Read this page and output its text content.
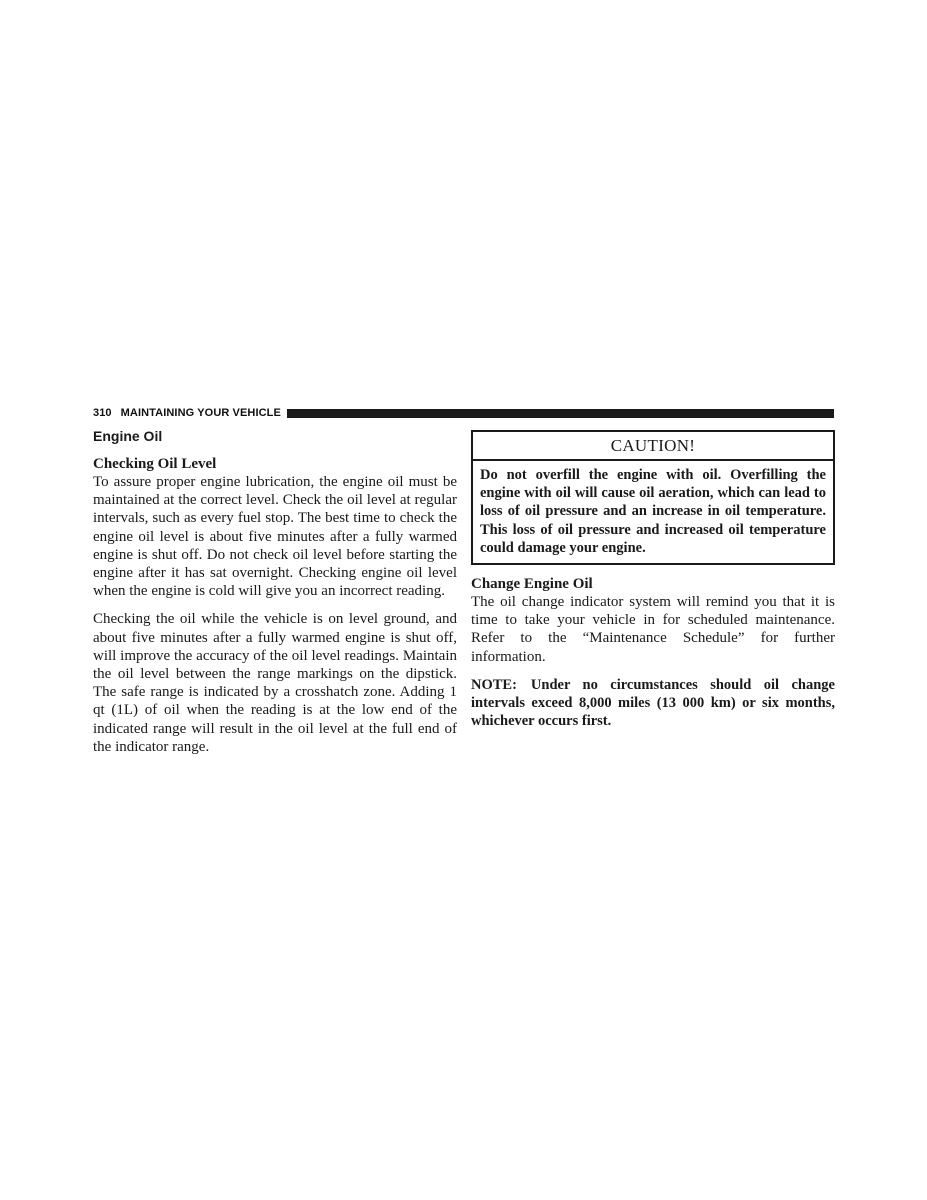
310 MAINTAINING YOUR VEHICLE
Engine Oil
Checking Oil Level

To assure proper engine lubrication, the engine oil must be maintained at the correct level. Check the oil level at regular intervals, such as every fuel stop. The best time to check the engine oil level is about five minutes after a fully warmed engine is shut off. Do not check oil level before starting the engine after it has sat overnight. Checking engine oil level when the engine is cold will give you an incorrect reading.

Checking the oil while the vehicle is on level ground, and about five minutes after a fully warmed engine is shut off, will improve the accuracy of the oil level readings. Maintain the oil level between the range markings on the dipstick. The safe range is indicated by a crosshatch zone. Adding 1 qt (1L) of oil when the reading is at the low end of the indicated range will result in the oil level at the full end of the indicator range.

CAUTION!
Do not overfill the engine with oil. Overfilling the engine with oil will cause oil aeration, which can lead to loss of oil pressure and an increase in oil temperature. This loss of oil pressure and increased oil temperature could damage your engine.
Change Engine Oil

The oil change indicator system will remind you that it is time to take your vehicle in for scheduled maintenance. Refer to the “Maintenance Schedule” for further information.

NOTE: Under no circumstances should oil change intervals exceed 8,000 miles (13 000 km) or six months, whichever occurs first.
